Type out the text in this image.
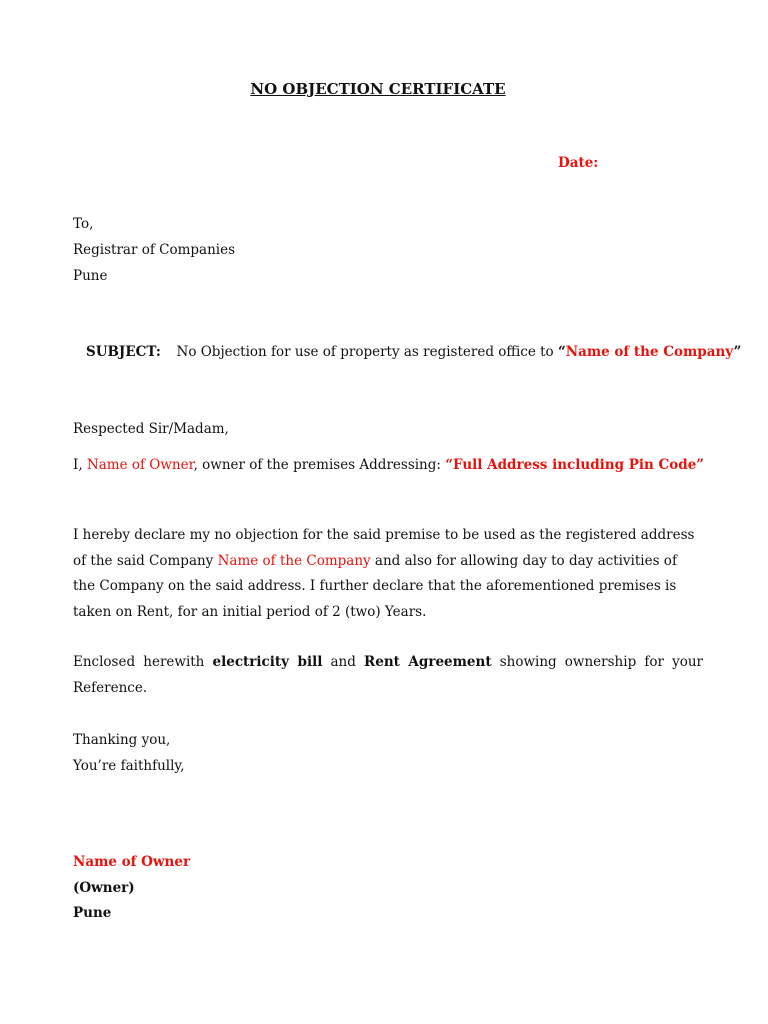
NO OBJECTION CERTIFICATE
Date:
To,
Registrar of Companies
Pune
SUBJECT: No Objection for use of property as registered office to “Name of the Company”
Respected Sir/Madam,
I, Name of Owner, owner of the premises Addressing: “Full Address including Pin Code”
I hereby declare my no objection for the said premise to be used as the registered address of the said Company Name of the Company and also for allowing day to day activities of the Company on the said address. I further declare that the aforementioned premises is taken on Rent, for an initial period of 2 (two) Years.
Enclosed herewith electricity bill and Rent Agreement showing ownership for your Reference.
Thanking you,
You’re faithfully,
Name of Owner
(Owner)
Pune
